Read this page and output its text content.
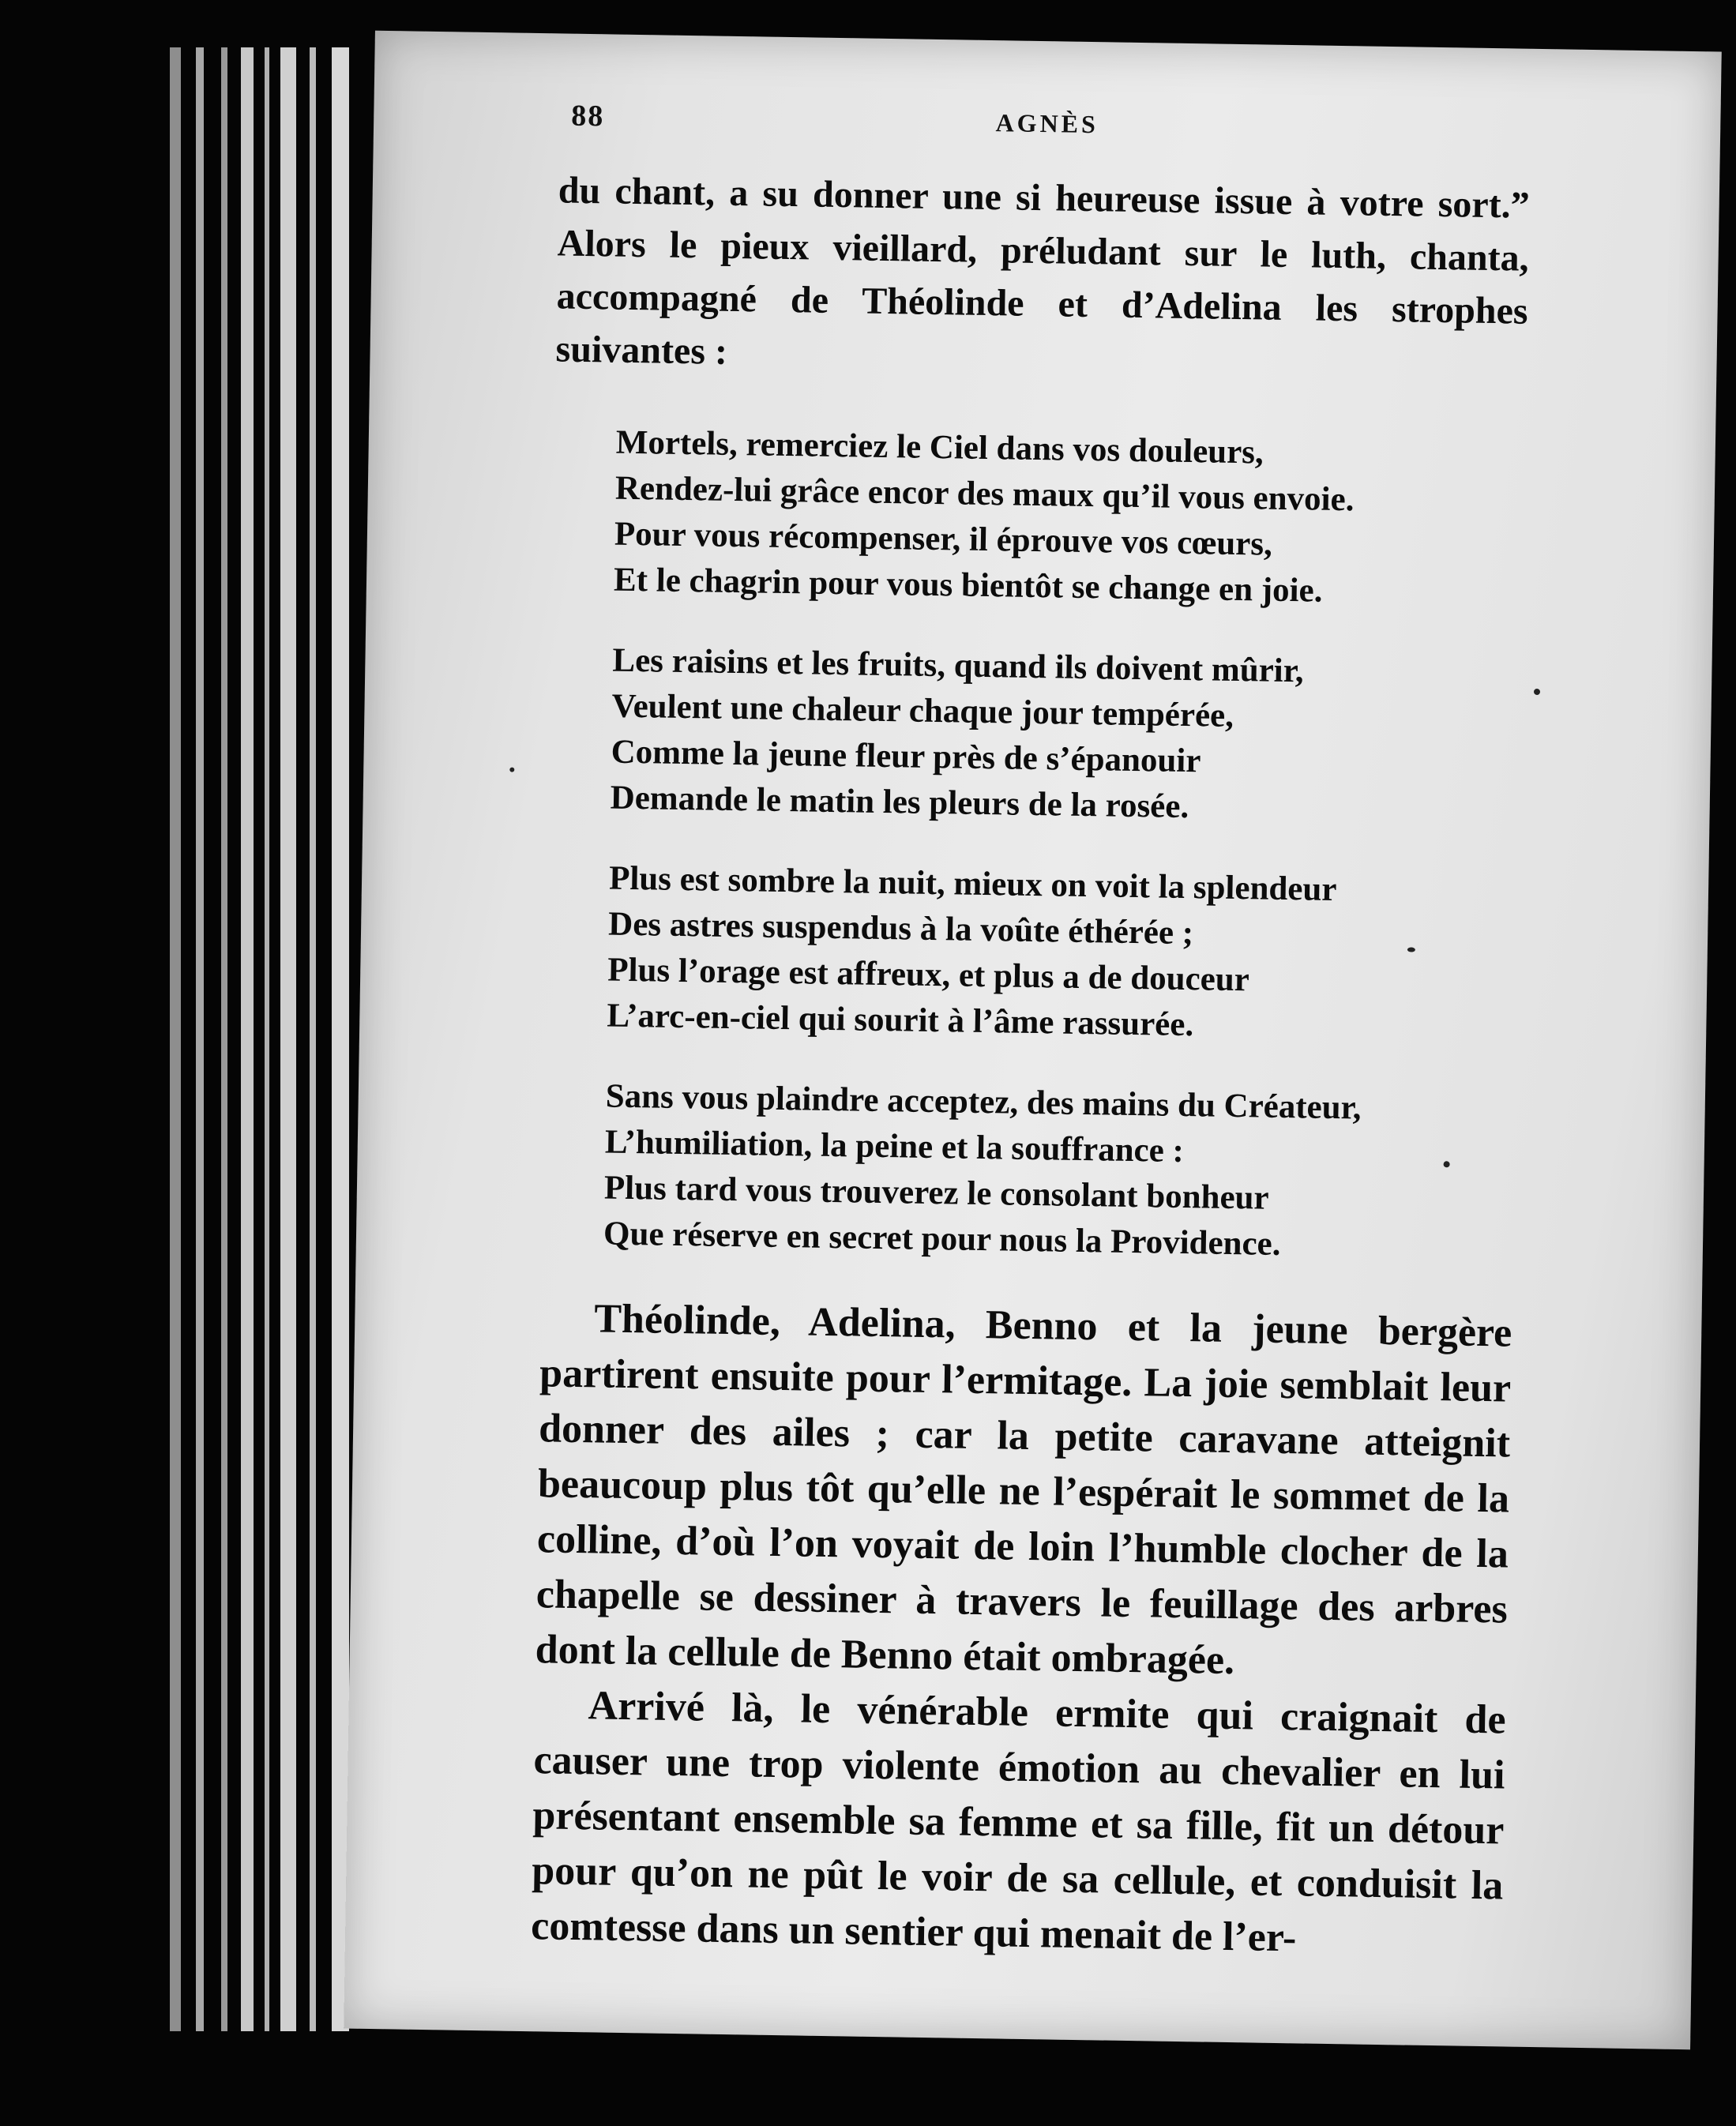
88	AGNÈS

du chant, a su donner une si heureuse issue à votre sort.” Alors le pieux vieillard, préludant sur le luth, chanta, accompagné de Théolinde et d’Adelina les strophes suivantes :

Mortels, remerciez le Ciel dans vos douleurs,

Rendez-lui grâce encor des maux qu’il vous envoie.

Pour vous récompenser, il éprouve vos cœurs,

Et le chagrin pour vous bientôt se change en joie.

Les raisins et les fruits, quand ils doivent mûrir,

Veulent une chaleur chaque jour tempérée,

Comme la jeune fleur près de s’épanouir

Demande le matin les pleurs de la rosée.

Plus est sombre la nuit, mieux on voit la splendeur

Des astres suspendus à la voûte éthérée ;

Plus l’orage est affreux, et plus a de douceur

L’arc-en-ciel qui sourit à l’âme rassurée.

Sans vous plaindre acceptez, des mains du Créateur,

L’humiliation, la peine et la souffrance :

Plus tard vous trouverez le consolant bonheur

Que réserve en secret pour nous la Providence.

Théolinde, Adelina, Benno et la jeune bergère partirent ensuite pour l’ermitage. La joie semblait leur donner des ailes ; car la petite caravane atteignit beaucoup plus tôt qu’elle ne l’espérait le sommet de la colline, d’où l’on voyait de loin l’humble clocher de la chapelle se dessiner à travers le feuillage des arbres dont la cellule de Benno était ombragée.

Arrivé là, le vénérable ermite qui craignait de causer une trop violente émotion au chevalier en lui présentant ensemble sa femme et sa fille, fit un détour pour qu’on ne pût le voir de sa cellule, et conduisit la comtesse dans un sentier qui menait de l’er-
